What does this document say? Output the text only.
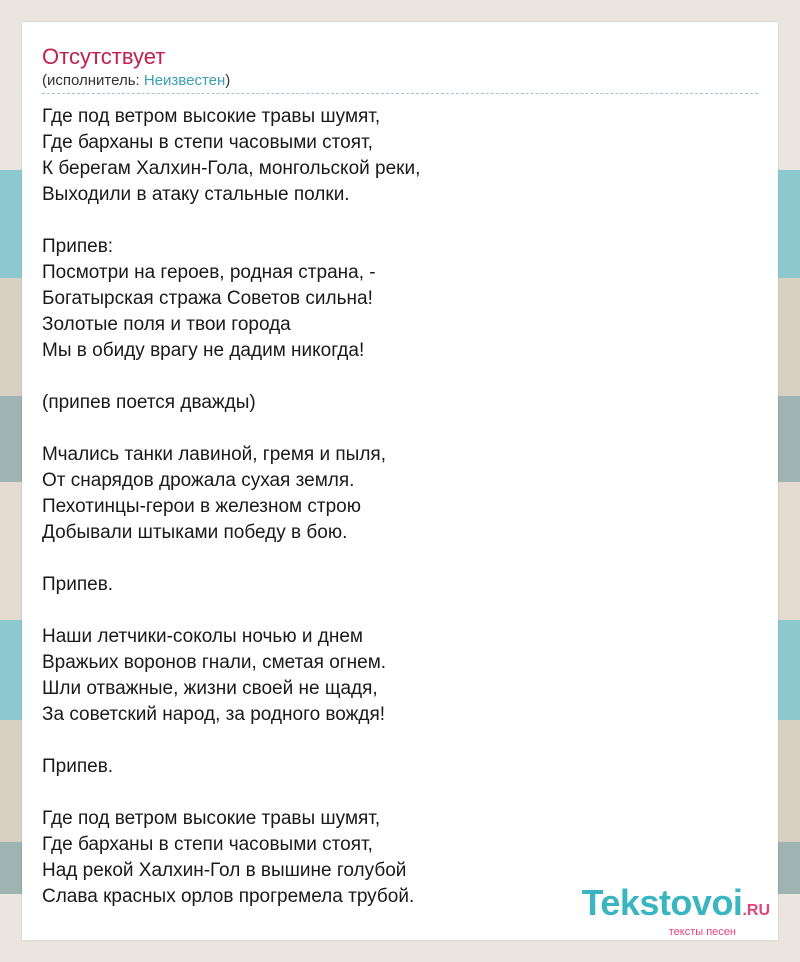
Отсутствует
(исполнитель: Неизвестен)
Где под ветром высокие травы шумят,
Где барханы в степи часовыми стоят,
К берегам Халхин-Гола, монгольской реки,
Выходили в атаку стальные полки.
Припев:
Посмотри на героев, родная страна, -
Богатырская стража Советов сильна!
Золотые поля и твои города
Мы в обиду врагу не дадим никогда!
(припев поется дважды)
Мчались танки лавиной, гремя и пыля,
От снарядов дрожала сухая земля.
Пехотинцы-герои в железном строю
Добывали штыками победу в бою.
Припев.
Наши летчики-соколы ночью и днем
Вражьих воронов гнали, сметая огнем.
Шли отважные, жизни своей не щадя,
За советский народ, за родного вождя!
Припев.
Где под ветром высокие травы шумят,
Где барханы в степи часовыми стоят,
Над рекой Халхин-Гол в вышине голубой
Слава красных орлов прогремела трубой.	Tekstovoi.RU
тексты песен
